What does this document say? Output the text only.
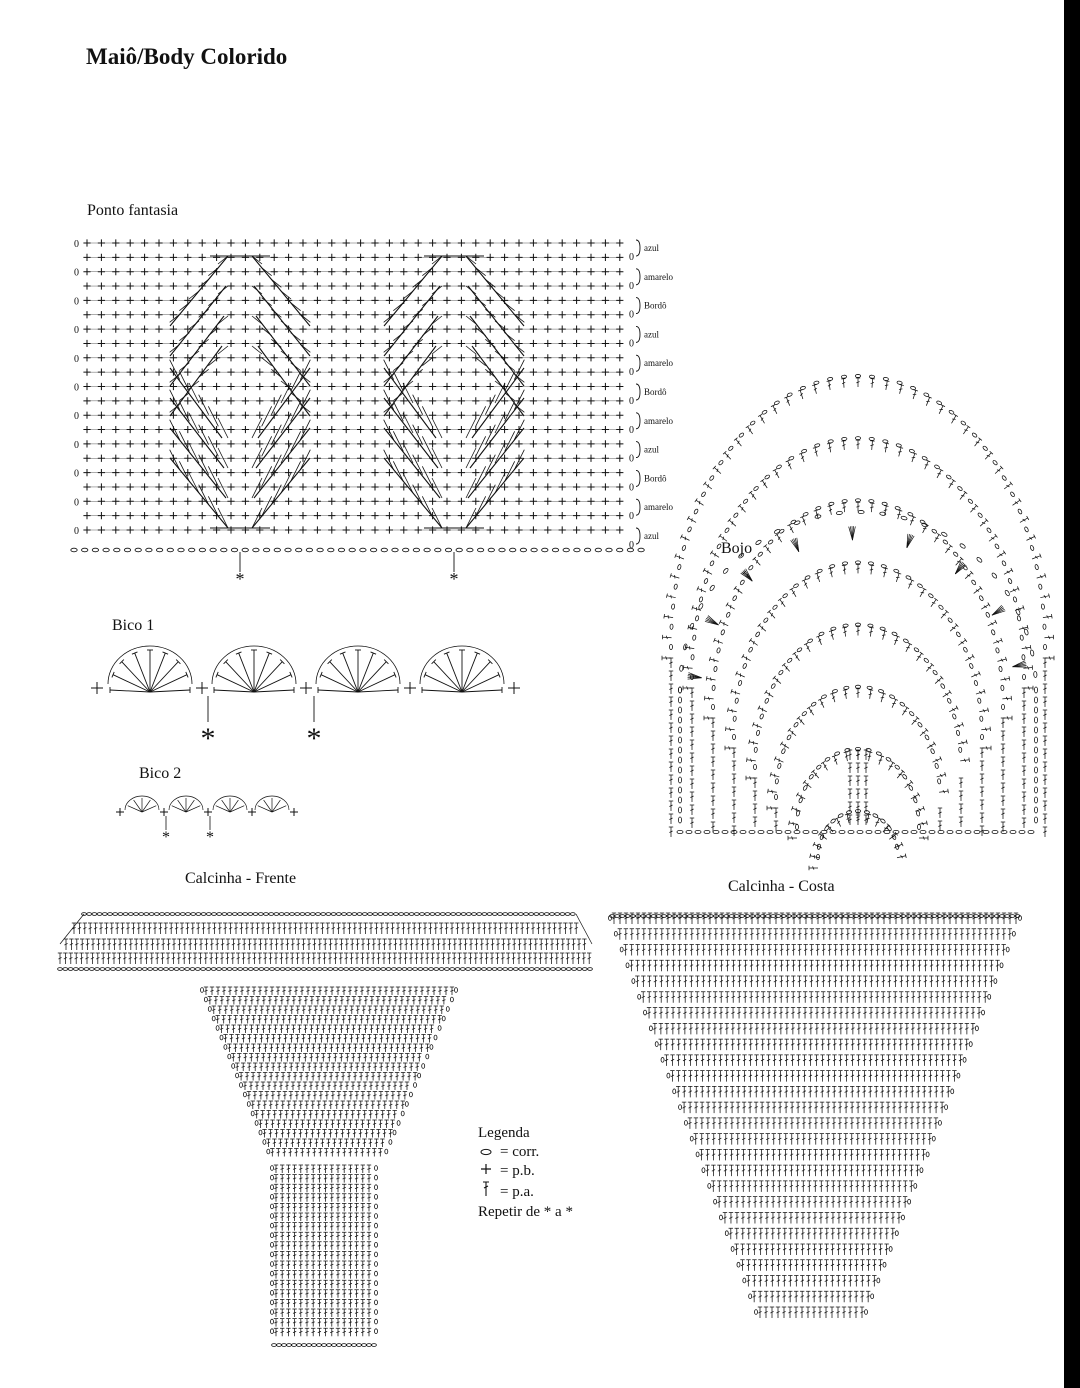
Maiô/Body Colorido
Ponto fantasia
Bojo
Bico 1
Bico 2
Calcinha - Frente	Calcinha - Costa
0
0
0
0
0
0
0
0
0
0
0
*	*
0
azul
0
amarelo
0
Bordô
0
azul
0
amarelo
0
Bordô
0
amarelo
0
azul
0
Bordô
0
amarelo
0
azul
*	*
* *
Legenda
= corr.
= p.b.
= p.a.
Repetir de * a *
